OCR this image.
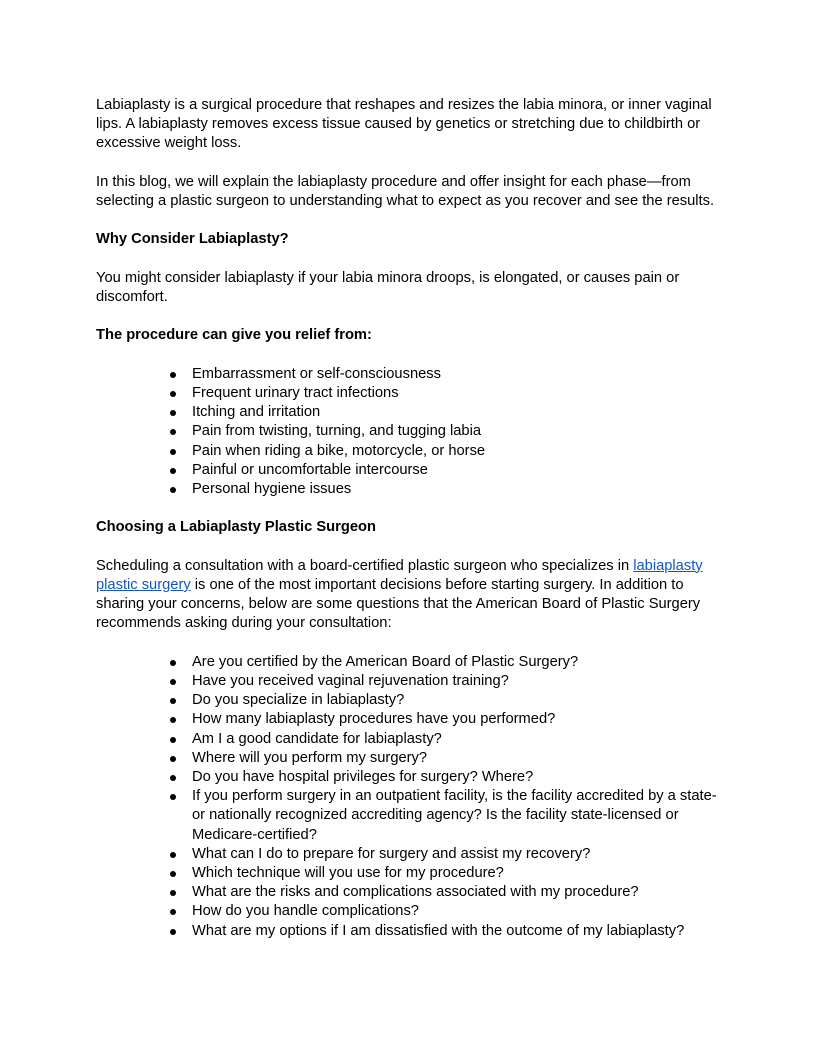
Labiaplasty is a surgical procedure that reshapes and resizes the labia minora, or inner vaginal lips. A labiaplasty removes excess tissue caused by genetics or stretching due to childbirth or excessive weight loss.

In this blog, we will explain the labiaplasty procedure and offer insight for each phase—from selecting a plastic surgeon to understanding what to expect as you recover and see the results.

Why Consider Labiaplasty?

You might consider labiaplasty if your labia minora droops, is elongated, or causes pain or discomfort.

The procedure can give you relief from:

Embarrassment or self-consciousness
Frequent urinary tract infections
Itching and irritation
Pain from twisting, turning, and tugging labia
Pain when riding a bike, motorcycle, or horse
Painful or uncomfortable intercourse
Personal hygiene issues

Choosing a Labiaplasty Plastic Surgeon

Scheduling a consultation with a board-certified plastic surgeon who specializes in labiaplasty plastic surgery is one of the most important decisions before starting surgery. In addition to sharing your concerns, below are some questions that the American Board of Plastic Surgery recommends asking during your consultation:

Are you certified by the American Board of Plastic Surgery?
Have you received vaginal rejuvenation training?
Do you specialize in labiaplasty?
How many labiaplasty procedures have you performed?
Am I a good candidate for labiaplasty?
Where will you perform my surgery?
Do you have hospital privileges for surgery? Where?
If you perform surgery in an outpatient facility, is the facility accredited by a state- or nationally recognized accrediting agency? Is the facility state-licensed or Medicare-certified?
What can I do to prepare for surgery and assist my recovery?
Which technique will you use for my procedure?
What are the risks and complications associated with my procedure?
How do you handle complications?
What are my options if I am dissatisfied with the outcome of my labiaplasty?
